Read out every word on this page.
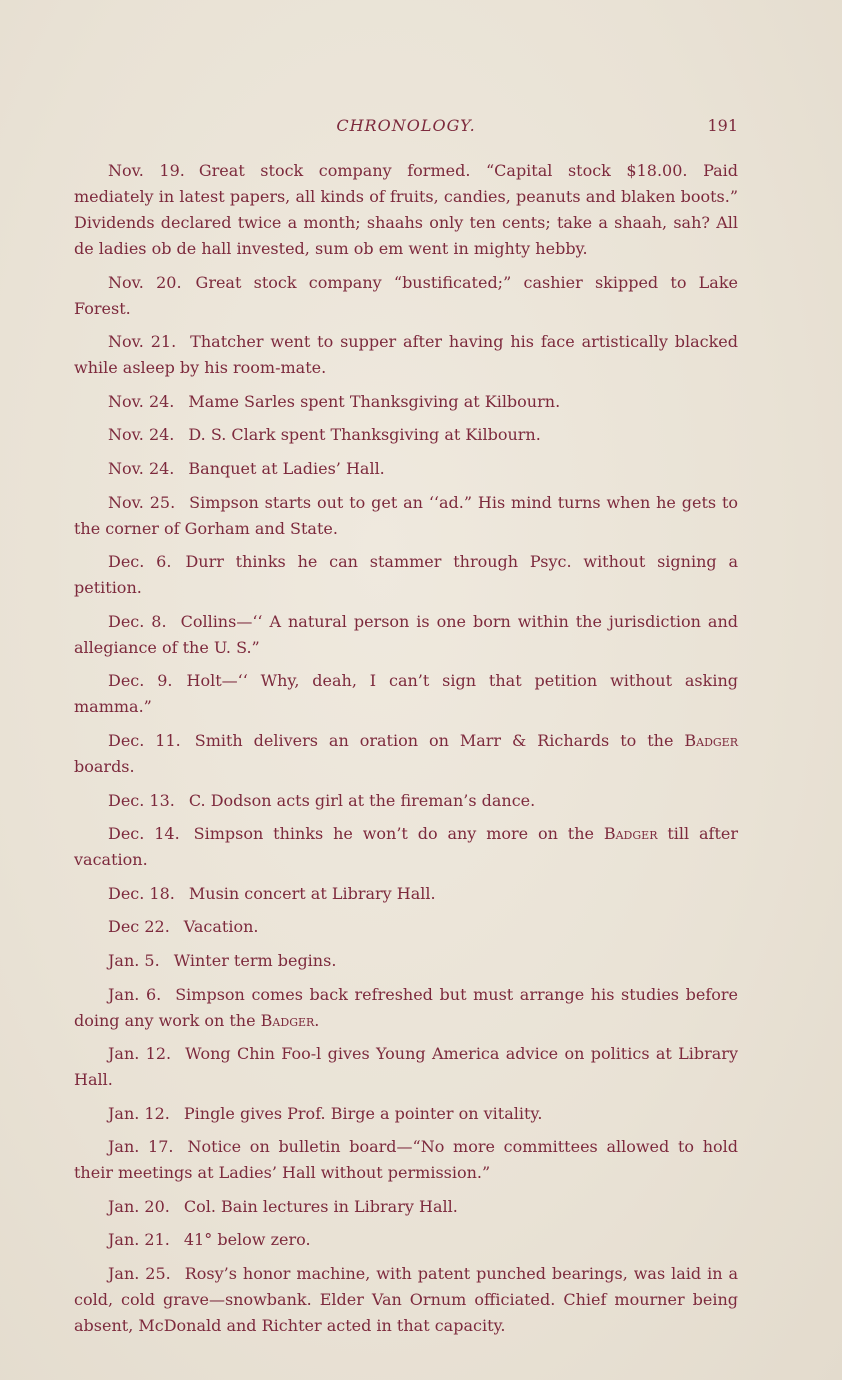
CHRONOLOGY.	191

Nov. 19. Great stock company formed. “Capital stock $18.00. Paid mediately in latest papers, all kinds of fruits, candies, peanuts and blaken boots.” Dividends declared twice a month; shaahs only ten cents; take a shaah, sah? All de ladies ob de hall invested, sum ob em went in mighty hebby.

Nov. 20. Great stock company “bustificated;” cashier skipped to Lake Forest.

Nov. 21. Thatcher went to supper after having his face artistically blacked while asleep by his room-mate.

Nov. 24. Mame Sarles spent Thanksgiving at Kilbourn.

Nov. 24. D. S. Clark spent Thanksgiving at Kilbourn.

Nov. 24. Banquet at Ladies’ Hall.

Nov. 25. Simpson starts out to get an ‘‘ad.” His mind turns when he gets to the corner of Gorham and State.

Dec. 6. Durr thinks he can stammer through Psyc. without signing a petition.

Dec. 8. Collins—‘‘ A natural person is one born within the jurisdiction and allegiance of the U. S.”

Dec. 9. Holt—‘‘ Why, deah, I can’t sign that petition without asking mamma.”

Dec. 11. Smith delivers an oration on Marr & Richards to the Badger boards.

Dec. 13. C. Dodson acts girl at the fireman’s dance.

Dec. 14. Simpson thinks he won’t do any more on the Badger till after vacation.

Dec. 18. Musin concert at Library Hall.

Dec 22. Vacation.

Jan. 5. Winter term begins.

Jan. 6. Simpson comes back refreshed but must arrange his studies before doing any work on the Badger.

Jan. 12. Wong Chin Foo-l gives Young America advice on politics at Library Hall.

Jan. 12. Pingle gives Prof. Birge a pointer on vitality.

Jan. 17. Notice on bulletin board—“No more committees allowed to hold their meetings at Ladies’ Hall without permission.”

Jan. 20. Col. Bain lectures in Library Hall.

Jan. 21. 41° below zero.

Jan. 25. Rosy’s honor machine, with patent punched bearings, was laid in a cold, cold grave—snowbank. Elder Van Ornum officiated. Chief mourner being absent, McDonald and Richter acted in that capacity.
